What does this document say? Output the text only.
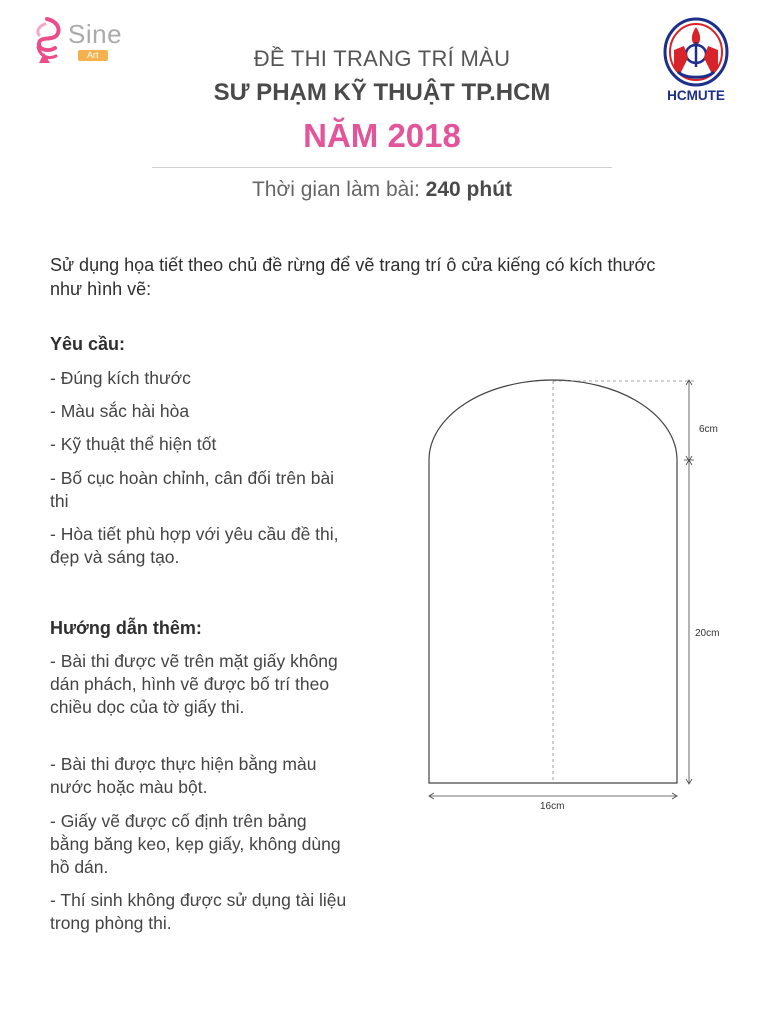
Sine
Art
HCMUTE
ĐỀ THI TRANG TRÍ MÀU
SƯ PHẠM KỸ THUẬT TP.HCM
NĂM 2018
Thời gian làm bài: 240 phút
Sử dụng họa tiết theo chủ đề rừng để vẽ trang trí ô cửa kiếng có kích thước như hình vẽ:
Yêu cầu:

- Đúng kích thước

- Màu sắc hài hòa

- Kỹ thuật thể hiện tốt

- Bố cục hoàn chỉnh, cân đối trên bài thi

- Hòa tiết phù hợp với yêu cầu đề thi, đẹp và sáng tạo.

Hướng dẫn thêm:

- Bài thi được vẽ trên mặt giấy không dán phách, hình vẽ được bố trí theo chiều dọc của tờ giấy thi.

- Bài thi được thực hiện bằng màu nước hoặc màu bột.

- Giấy vẽ được cố định trên bảng bằng băng keo, kẹp giấy, không dùng hồ dán.

- Thí sinh không được sử dụng tài liệu trong phòng thi.

6cm
20cm
16cm
